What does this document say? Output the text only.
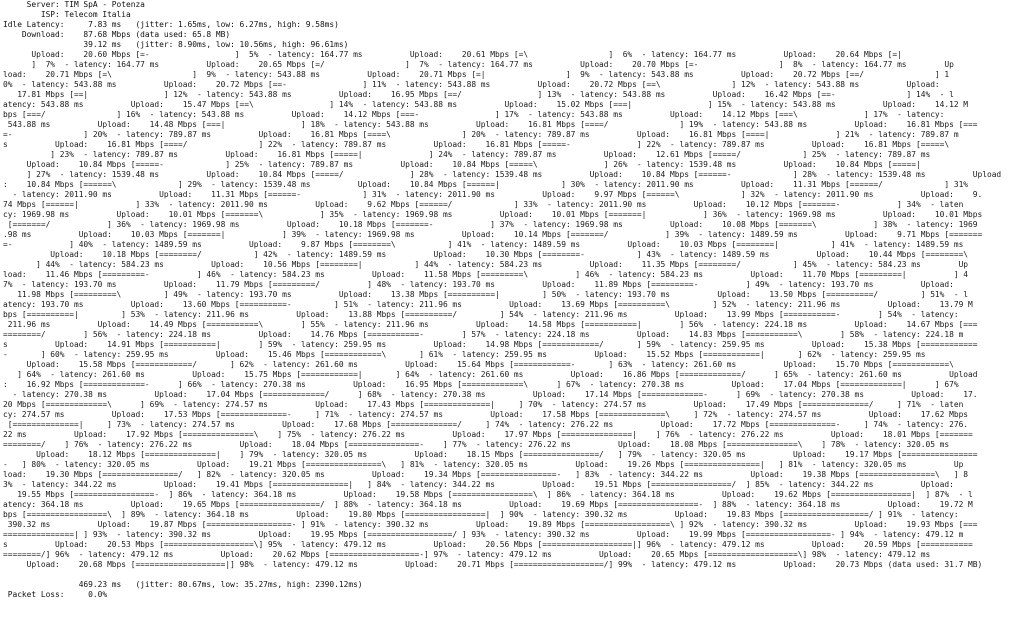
Server: TIM SpA - Potenza
ISP: Telecom Italia
Idle Latency:     7.83 ms   (jitter: 1.65ms, low: 6.27ms, high: 9.58ms)
Download:    87.68 Mbps (data used: 65.8 MB)
39.12 ms   (jitter: 8.90ms, low: 10.56ms, high: 96.61ms)
Upload:    20.60 Mbps [=-                  ]  5%  - latency: 164.77 ms          Upload:    20.61 Mbps [=\                 ]  6%  - latency: 164.77 ms          Upload:    20.64 Mbps [=|
]  7%  - latency: 164.77 ms          Upload:    20.65 Mbps [=/                 ]  7%  - latency: 164.77 ms          Upload:    20.70 Mbps [=-                 ]  8%  - latency: 164.77 ms        Up
load:    20.71 Mbps [=\                 ]  9%  - latency: 543.88 ms          Upload:    20.71 Mbps [=|                 ]  9%  - latency: 543.88 ms          Upload:    20.72 Mbps [==/               ] 1
0%  - latency: 543.88 ms          Upload:    20.72 Mbps [==-                ] 11%  - latency: 543.88 ms          Upload:    20.72 Mbps [==\               ] 12%  - latency: 543.88 ms          Upload:
17.81 Mbps [==|                ] 12%  - latency: 543.88 ms          Upload:    16.95 Mbps [==/                ] 13%  - latency: 543.88 ms          Upload:    16.42 Mbps [==-               ] 14%  - l
atency: 543.88 ms          Upload:    15.47 Mbps [==\                ] 14%  - latency: 543.88 ms          Upload:    15.02 Mbps [===|                ] 15%  - latency: 543.88 ms          Upload:    14.12 M
bps [===/               ] 16%  - latency: 543.88 ms          Upload:    14.12 Mbps [===-                ] 17%  - latency: 543.88 ms          Upload:    14.12 Mbps [===\              ] 17%  - latency:
543.88 ms          Upload:    14.48 Mbps [===|                ] 18%  - latency: 543.88 ms          Upload:    16.81 Mbps [====/               ] 19%  - latency: 543.88 ms          Upload:    16.81 Mbps [===
=-               ] 20%  - latency: 789.87 ms          Upload:    16.81 Mbps [====\               ] 20%  - latency: 789.87 ms          Upload:    16.81 Mbps [====|              ] 21%  - latency: 789.87 m
s          Upload:    16.81 Mbps [====/               ] 22%  - latency: 789.87 ms          Upload:    16.81 Mbps [=====-              ] 22%  - latency: 789.87 ms          Upload:    16.81 Mbps [=====\
] 23%  - latency: 789.87 ms          Upload:    16.81 Mbps [=====|              ] 24%  - latency: 789.87 ms          Upload:    12.61 Mbps [=====/             ] 25%  - latency: 789.87 ms
Upload:    10.84 Mbps [=====-             ] 25%  - latency: 789.87 ms          Upload:    10.84 Mbps [=====\              ] 26%  - latency: 1539.48 ms          Upload:    10.84 Mbps [=====|
] 27%  - latency: 1539.48 ms          Upload:    10.84 Mbps [=====/              ] 28%  - latency: 1539.48 ms          Upload:    10.84 Mbps [======-             ] 28%  - latency: 1539.48 ms          Upload
:    10.84 Mbps [======\             ] 29%  - latency: 1539.48 ms          Upload:    10.84 Mbps [======|             ] 30%  - latency: 2011.90 ms          Upload:    11.31 Mbps [======/             ] 31%
- latency: 2011.90 ms          Upload:    11.31 Mbps [======-             ] 31%  - latency: 2011.90 ms          Upload:    9.97 Mbps [======\             ] 32%  - latency: 2011.90 ms          Upload:    9.
74 Mbps [======|            ] 33%  - latency: 2011.90 ms          Upload:    9.62 Mbps [======/             ] 33%  - latency: 2011.90 ms          Upload:    10.12 Mbps [=======-            ] 34%  - laten
cy: 1969.98 ms          Upload:    10.01 Mbps [=======\            ] 35%  - latency: 1969.98 ms          Upload:    10.01 Mbps [=======|            ] 36%  - latency: 1969.98 ms          Upload:    10.01 Mbps
[=======/            ] 36%  - latency: 1969.98 ms          Upload:    10.18 Mbps [=======-            ] 37%  - latency: 1969.98 ms          Upload:    10.08 Mbps [=======\            ] 38%  - latency: 1969
.98 ms          Upload:    10.03 Mbps [=======|            ] 39%  - latency: 1969.98 ms          Upload:    10.14 Mbps [=======/            ] 39%  - latency: 1489.59 ms          Upload:    9.71 Mbps [=======
=-            ] 40%  - latency: 1489.59 ms          Upload:    9.87 Mbps [========\           ] 41%  - latency: 1489.59 ms          Upload:    10.03 Mbps [========|           ] 41%  - latency: 1489.59 ms
Upload:    10.18 Mbps [========/           ] 42%  - latency: 1489.59 ms          Upload:    10.30 Mbps [========-           ] 43%  - latency: 1489.59 ms          Upload:    10.44 Mbps [========\
] 44%  - latency: 584.23 ms          Upload:    10.56 Mbps [========|           ] 44%  - latency: 584.23 ms          Upload:    11.35 Mbps [========/           ] 45%  - latency: 584.23 ms        Up
load:    11.46 Mbps [=========-          ] 46%  - latency: 584.23 ms          Upload:    11.58 Mbps [=========\          ] 46%  - latency: 584.23 ms          Upload:    11.70 Mbps [=========|          ] 4
7%  - latency: 193.70 ms          Upload:    11.79 Mbps [=========/          ] 48%  - latency: 193.70 ms          Upload:    11.89 Mbps [=========-          ] 49%  - latency: 193.70 ms          Upload:
11.98 Mbps [=========\         ] 49%  - latency: 193.70 ms          Upload:    13.38 Mbps [==========|         ] 50%  - latency: 193.70 ms          Upload:    13.50 Mbps [==========/         ] 51%  - l
atency: 193.70 ms          Upload:    13.60 Mbps [==========-         ] 51%  - latency: 211.96 ms          Upload:    13.69 Mbps [==========\         ] 52%  - latency: 211.96 ms          Upload:    13.79 M
bps [==========|         ] 53%  - latency: 211.96 ms          Upload:    13.88 Mbps [==========/         ] 54%  - latency: 211.96 ms          Upload:    13.99 Mbps [===========-        ] 54%  - latency:
211.96 ms          Upload:    14.49 Mbps [===========\        ] 55%  - latency: 211.96 ms          Upload:    14.58 Mbps [===========|        ] 56%  - latency: 224.18 ms          Upload:    14.67 Mbps [===
========/        ] 56%  - latency: 224.18 ms          Upload:    14.76 Mbps [===========-        ] 57%  - latency: 224.18 ms          Upload:    14.83 Mbps [===========\        ] 58%  - latency: 224.18 m
s          Upload:    14.91 Mbps [===========|        ] 59%  - latency: 259.95 ms          Upload:    14.98 Mbps [============/       ] 59%  - latency: 259.95 ms          Upload:    15.38 Mbps [============
-       ] 60%  - latency: 259.95 ms          Upload:    15.46 Mbps [============\       ] 61%  - latency: 259.95 ms          Upload:    15.52 Mbps [============|       ] 62%  - latency: 259.95 ms
Upload:    15.58 Mbps [============/       ] 62%  - latency: 261.60 ms          Upload:    15.64 Mbps [============-       ] 63%  - latency: 261.60 ms          Upload:    15.70 Mbps [============\
] 64%  - latency: 261.60 ms          Upload:    15.75 Mbps [============|       ] 64%  - latency: 261.60 ms          Upload:    16.86 Mbps [=============/      ] 65%  - latency: 261.60 ms          Upload
:    16.92 Mbps [=============-      ] 66%  - latency: 270.38 ms          Upload:    16.95 Mbps [=============\      ] 67%  - latency: 270.38 ms          Upload:    17.04 Mbps [=============|      ] 67%
- latency: 270.38 ms          Upload:    17.04 Mbps [=============/      ] 68%  - latency: 270.38 ms          Upload:    17.14 Mbps [=============-      ] 69%  - latency: 270.38 ms          Upload:    17.
20 Mbps [=============\      ] 69%  - latency: 274.57 ms          Upload:    17.43 Mbps [==============|     ] 70%  - latency: 274.57 ms          Upload:    17.49 Mbps [==============/     ] 71%  - laten
cy: 274.57 ms          Upload:    17.53 Mbps [==============-     ] 71%  - latency: 274.57 ms          Upload:    17.58 Mbps [==============\     ] 72%  - latency: 274.57 ms          Upload:    17.62 Mbps
[==============|     ] 73%  - latency: 274.57 ms          Upload:    17.68 Mbps [==============/     ] 74%  - latency: 276.22 ms          Upload:    17.72 Mbps [==============-     ] 74%  - latency: 276.
22 ms          Upload:    17.92 Mbps [===============\    ] 75%  - latency: 276.22 ms          Upload:    17.97 Mbps [===============|    ] 76%  - latency: 276.22 ms          Upload:    18.01 Mbps [=======
========/    ] 76%  - latency: 276.22 ms          Upload:    18.04 Mbps [===============-    ] 77%  - latency: 276.22 ms          Upload:    18.08 Mbps [===============\    ] 78%  - latency: 320.05 ms
Upload:    18.12 Mbps [===============|    ] 79%  - latency: 320.05 ms          Upload:    18.15 Mbps [================/   ] 79%  - latency: 320.05 ms          Upload:    19.17 Mbps [================
-   ] 80%  - latency: 320.05 ms          Upload:    19.21 Mbps [================\   ] 81%  - latency: 320.05 ms          Upload:    19.26 Mbps [================|   ] 81%  - latency: 320.05 ms          Up
load:    19.30 Mbps [================/   ] 82%  - latency: 320.05 ms          Upload:    19.34 Mbps [================-   ] 83%  - latency: 344.22 ms          Upload:    19.38 Mbps [================\   ] 8
3%  - latency: 344.22 ms          Upload:    19.41 Mbps [================|   ] 84%  - latency: 344.22 ms          Upload:    19.51 Mbps [=================/  ] 85%  - latency: 344.22 ms          Upload:
19.55 Mbps [=================-  ] 86%  - latency: 364.18 ms          Upload:    19.58 Mbps [=================\  ] 86%  - latency: 364.18 ms          Upload:    19.62 Mbps [=================|  ] 87%  - l
atency: 364.18 ms          Upload:    19.65 Mbps [=================/  ] 88%  - latency: 364.18 ms          Upload:    19.69 Mbps [=================-  ] 88%  - latency: 364.18 ms          Upload:    19.72 M
bps [=================\  ] 89%  - latency: 364.18 ms          Upload:    19.80 Mbps [=================|  ] 90%  - latency: 390.32 ms          Upload:    19.83 Mbps [==================/ ] 91%  - latency:
390.32 ms          Upload:    19.87 Mbps [==================- ] 91%  - latency: 390.32 ms          Upload:    19.89 Mbps [==================\ ] 92%  - latency: 390.32 ms          Upload:    19.93 Mbps [===
===============| ] 93%  - latency: 390.32 ms          Upload:    19.95 Mbps [==================/ ] 93%  - latency: 390.32 ms          Upload:    19.99 Mbps [==================- ] 94%  - latency: 479.12 m
s          Upload:    20.53 Mbps [===================\] 95%  - latency: 479.12 ms          Upload:    20.56 Mbps [===================|] 96%  - latency: 479.12 ms          Upload:    20.59 Mbps [===========
========/] 96%  - latency: 479.12 ms          Upload:    20.62 Mbps [===================-] 97%  - latency: 479.12 ms          Upload:    20.65 Mbps [===================\] 98%  - latency: 479.12 ms
Upload:    20.68 Mbps [===================|] 98%  - latency: 479.12 ms          Upload:    20.71 Mbps [===================/] 99%  - latency: 479.12 ms          Upload:    20.73 Mbps (data used: 31.7 MB)
469.23 ms   (jitter: 80.67ms, low: 35.27ms, high: 2390.12ms)
Packet Loss:     0.0%
